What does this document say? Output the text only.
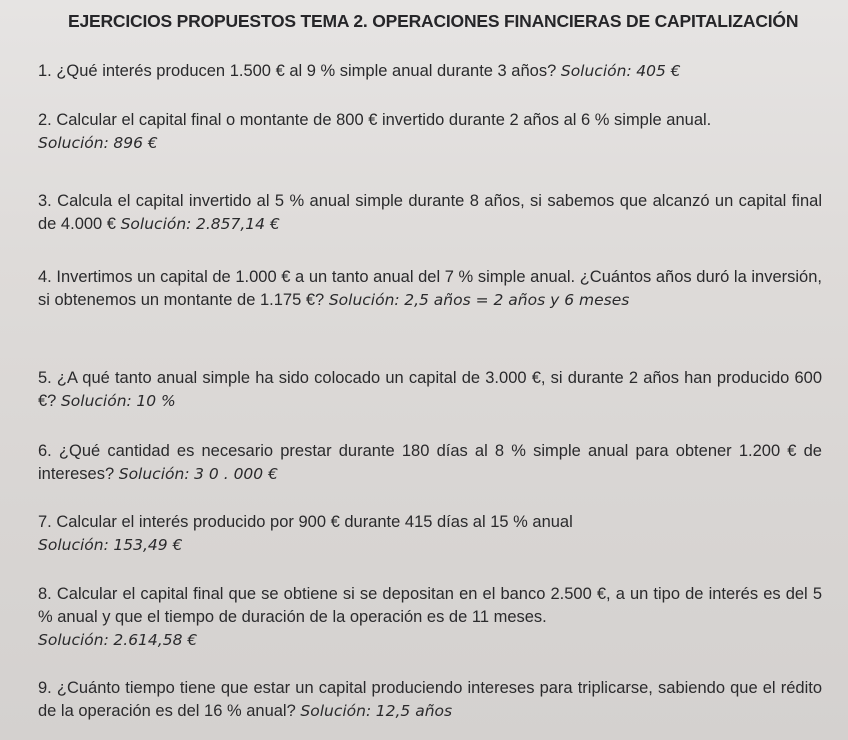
EJERCICIOS PROPUESTOS TEMA 2. OPERACIONES FINANCIERAS DE CAPITALIZACIÓN
1. ¿Qué interés producen 1.500 € al 9 % simple anual durante 3 años? Solución: 405 €
2. Calcular el capital final o montante de 800 € invertido durante 2 años al 6 % simple anual.
Solución: 896 €
3. Calcula el capital invertido al 5 % anual simple durante 8 años, si sabemos que alcanzó un capital final de 4.000 € Solución: 2.857,14 €
4. Invertimos un capital de 1.000 € a un tanto anual del 7 % simple anual. ¿Cuántos años duró la inversión, si obtenemos un montante de 1.175 €? Solución: 2,5 años = 2 años y 6 meses
5. ¿A qué tanto anual simple ha sido colocado un capital de 3.000 €, si durante 2 años han producido 600 €? Solución: 10 %
6. ¿Qué cantidad es necesario prestar durante 180 días al 8 % simple anual para obtener 1.200 € de intereses? Solución: 3 0 . 000 €
7. Calcular el interés producido por 900 € durante 415 días al 15 % anual
Solución: 153,49 €
8. Calcular el capital final que se obtiene si se depositan en el banco 2.500 €, a un tipo de interés es del 5 % anual y que el tiempo de duración de la operación es de 11 meses.
Solución: 2.614,58 €
9. ¿Cuánto tiempo tiene que estar un capital produciendo intereses para triplicarse, sabiendo que el rédito de la operación es del 16 % anual? Solución: 12,5 años
